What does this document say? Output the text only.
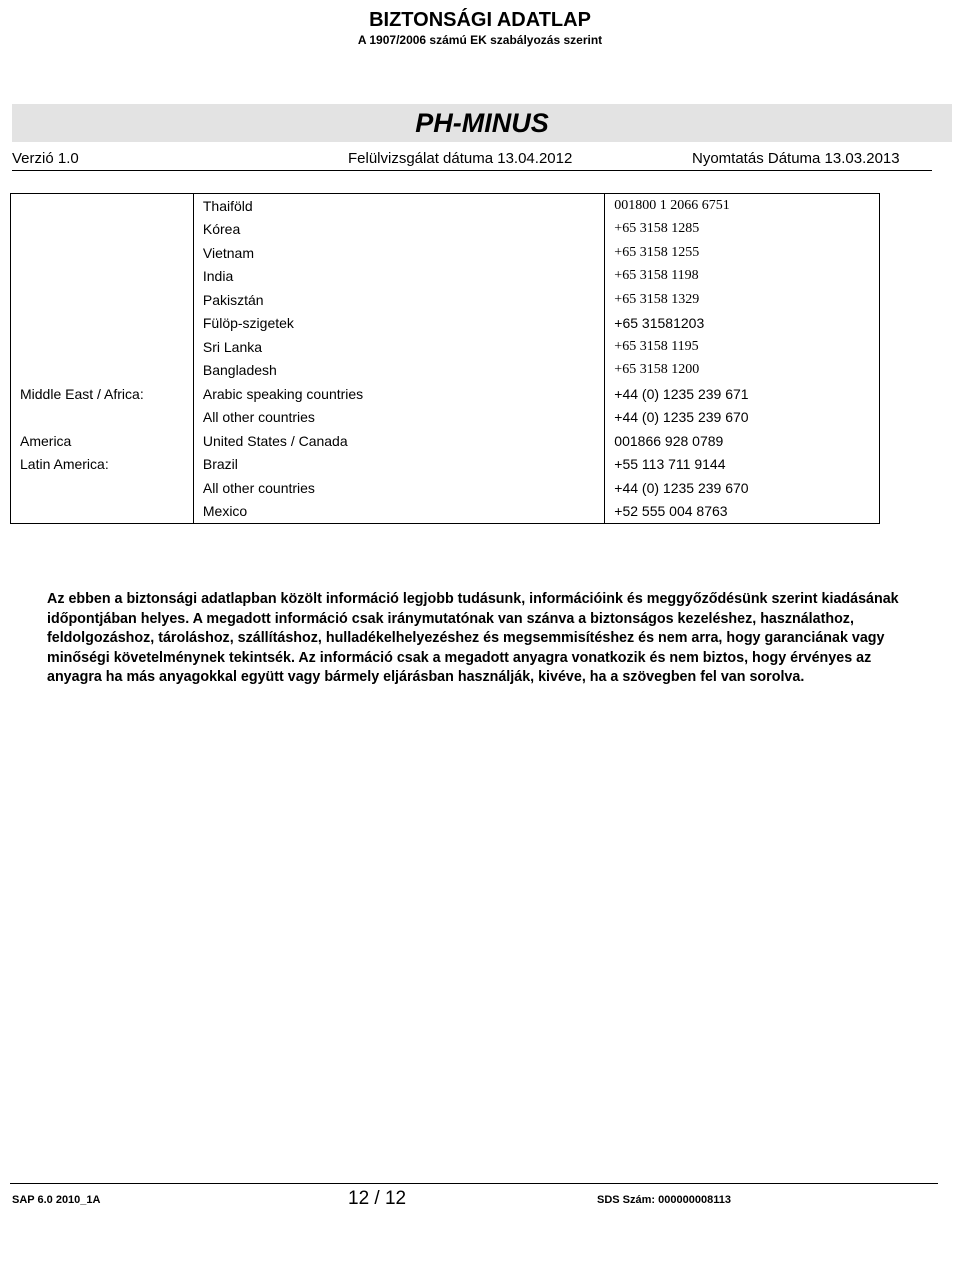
BIZTONSÁGI ADATLAP
A 1907/2006 számú EK szabályozás szerint
PH-MINUS
Verzió 1.0	Felülvizsgálat dátuma 13.04.2012	Nyomtatás Dátuma 13.03.2013
	Thaiföld	001800 1 2066 6751
	Kórea	+65 3158 1285
	Vietnam	+65 3158 1255
	India	+65 3158 1198
	Pakisztán	+65 3158 1329
	Fülöp-szigetek	+65 31581203
	Sri Lanka	+65 3158 1195
	Bangladesh	+65 3158 1200
Middle East / Africa:	Arabic speaking countries	+44 (0) 1235 239 671
	All other countries	+44 (0) 1235 239 670
America	United States / Canada	001866 928 0789
Latin America:	Brazil	+55 113 711 9144
	All other countries	+44 (0) 1235 239 670
	Mexico	+52 555 004 8763
Az ebben a biztonsági adatlapban közölt információ legjobb tudásunk, információink és meggyőződésünk szerint kiadásának időpontjában helyes. A megadott információ csak iránymutatónak van szánva a biztonságos kezeléshez, használathoz, feldolgozáshoz, tároláshoz, szállításhoz, hulladékelhelyezéshez és megsemmisítéshez és nem arra, hogy garanciának vagy minőségi követelménynek tekintsék. Az információ csak a megadott anyagra vonatkozik és nem biztos, hogy érvényes az anyagra ha más anyagokkal együtt vagy bármely eljárásban használják, kivéve, ha a szövegben fel van sorolva.
SAP 6.0 2010_1A	12 / 12	SDS Szám: 000000008113
